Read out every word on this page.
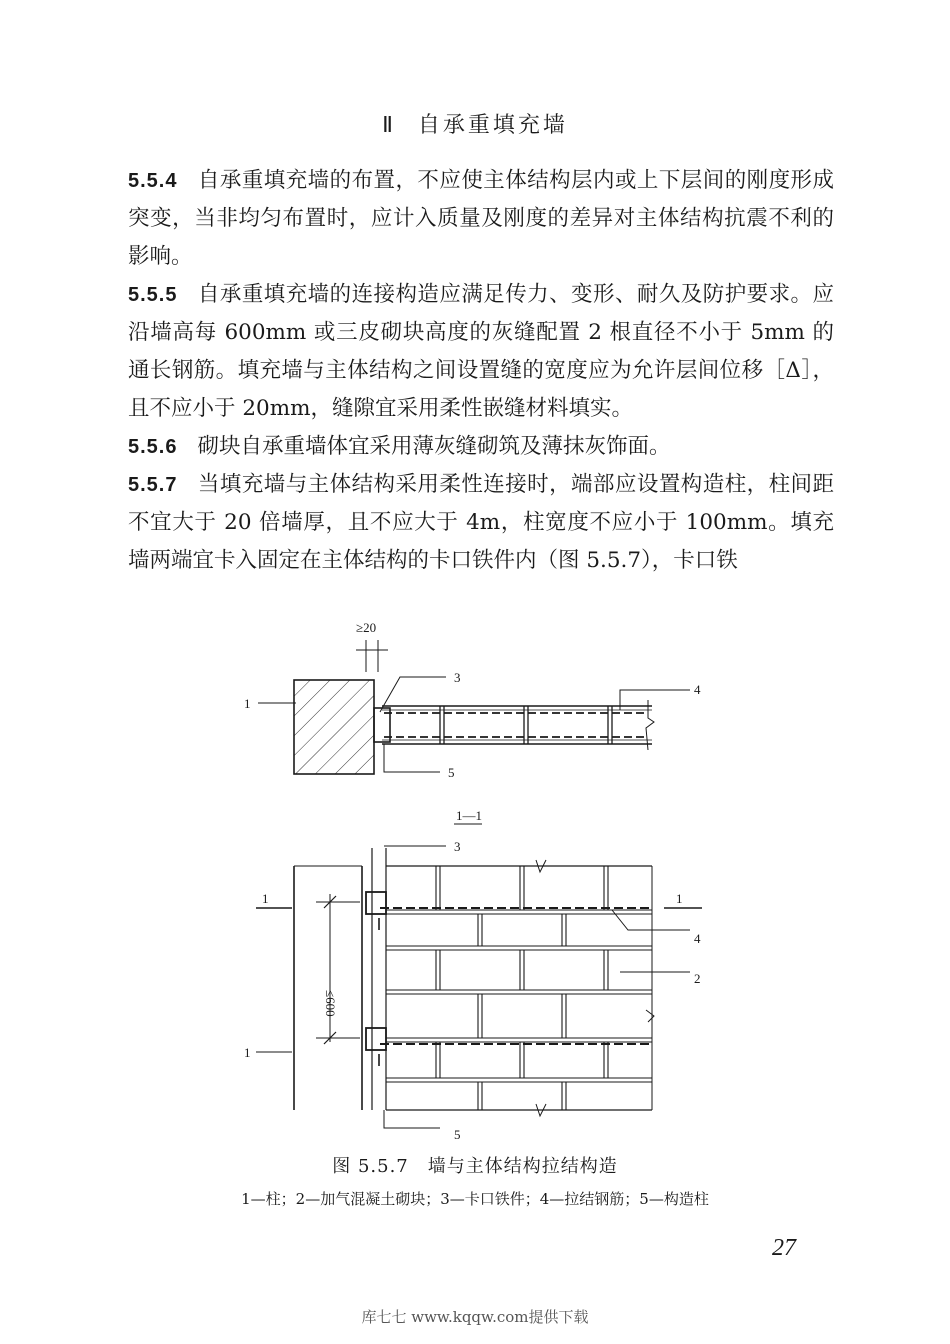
Ⅱ 自承重填充墙

5.5.4 自承重填充墙的布置，不应使主体结构层内或上下层间的刚度形成突变，当非均匀布置时，应计入质量及刚度的差异对主体结构抗震不利的影响。

5.5.5 自承重填充墙的连接构造应满足传力、变形、耐久及防护要求。应沿墙高每 600mm 或三皮砌块高度的灰缝配置 2 根直径不小于 5mm 的通长钢筋。填充墙与主体结构之间设置缝的宽度应为允许层间位移［Δ］，且不应小于 20mm，缝隙宜采用柔性嵌缝材料填实。

5.5.6 砌块自承重墙体宜采用薄灰缝砌筑及薄抹灰饰面。

5.5.7 当填充墙与主体结构采用柔性连接时，端部应设置构造柱，柱间距不宜大于 20 倍墙厚，且不应大于 4m，柱宽度不应小于 100mm。填充墙两端宜卡入固定在主体结构的卡口铁件内（图 5.5.7），卡口铁

≥20
1
3
4
5
1—1
3
1	1
4
2
1
5
≤600
图 5.5.7　墙与主体结构拉结构造
1—柱；2—加气混凝土砌块；3—卡口铁件；4—拉结钢筋；5—构造柱
27
库七七 www.kqqw.com提供下载
